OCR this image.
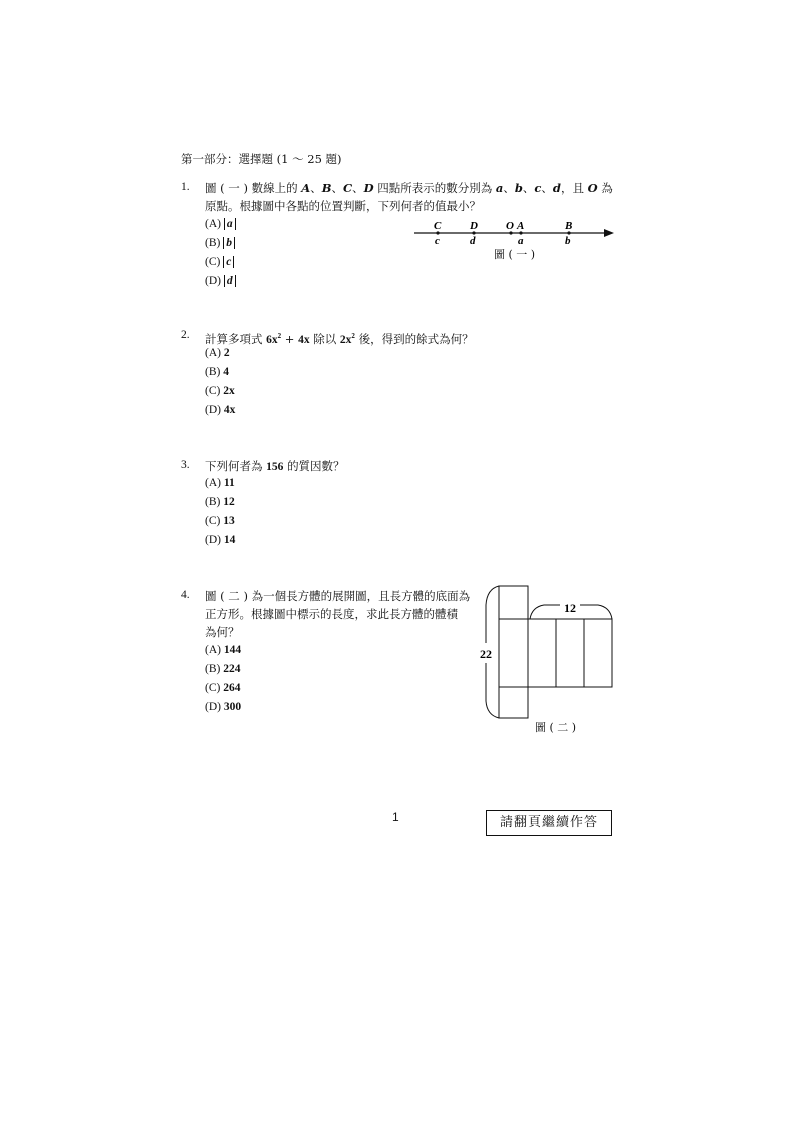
第一部分：選擇題 (1 ～ 25 題)
1. 圖 ( 一 ) 數線上的 A、B、C、D 四點所表示的數分別為 a、b、c、d，且 O 為
原點。根據圖中各點的位置判斷，下列何者的值最小？
(A) a
(B) b
(C) c
(D) d
C	D	O A	B
c	d	a	b
圖 ( 一 )
2. 計算多項式 $6x^2 + 4x$ 除以 $2x^2$ 後，得到的餘式為何？
(A) 2
(B) 4
(C) 2x
(D) 4x
3. 下列何者為 156 的質因數？
(A) 11
(B) 12
(C) 13
(D) 14
4. 圖 ( 二 ) 為一個長方體的展開圖，且長方體的底面為
正方形。根據圖中標示的長度，求此長方體的體積
為何？
(A) 144
(B) 224
(C) 264
(D) 300
12
22
圖 ( 二 )
1	請翻頁繼續作答
